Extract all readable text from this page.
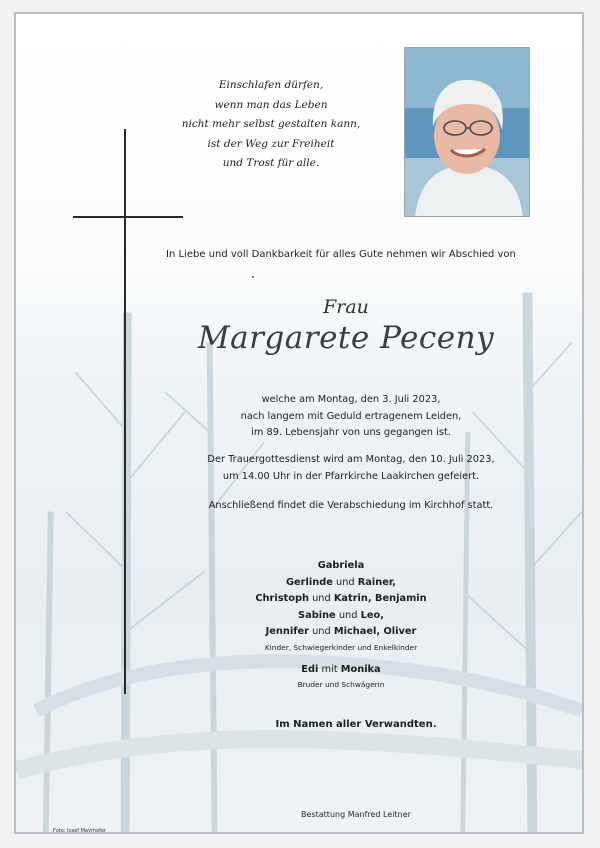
Einschlafen dürfen,
wenn man das Leben
nicht mehr selbst gestalten kann,
ist der Weg zur Freiheit
und Trost für alle.
In Liebe und voll Dankbarkeit für alles Gute nehmen wir Abschied von
Frau
Margarete Peceny
welche am Montag, den 3. Juli 2023,
nach langem mit Geduld ertragenem Leiden,
im 89. Lebensjahr von uns gegangen ist.
Der Trauergottesdienst wird am Montag, den 10. Juli 2023,
um 14.00 Uhr in der Pfarrkirche Laakirchen gefeiert.
Anschließend findet die Verabschiedung im Kirchhof statt.
Gabriela
Gerlinde und Rainer,
Christoph und Katrin, Benjamin
Sabine und Leo,
Jennifer und Michael, Oliver
Kinder, Schwiegerkinder und Enkelkinder
Edi mit Monika
Bruder und Schwägerin
Im Namen aller Verwandten.
Bestattung Manfred Leitner
Foto: Josef Mayrhofer
